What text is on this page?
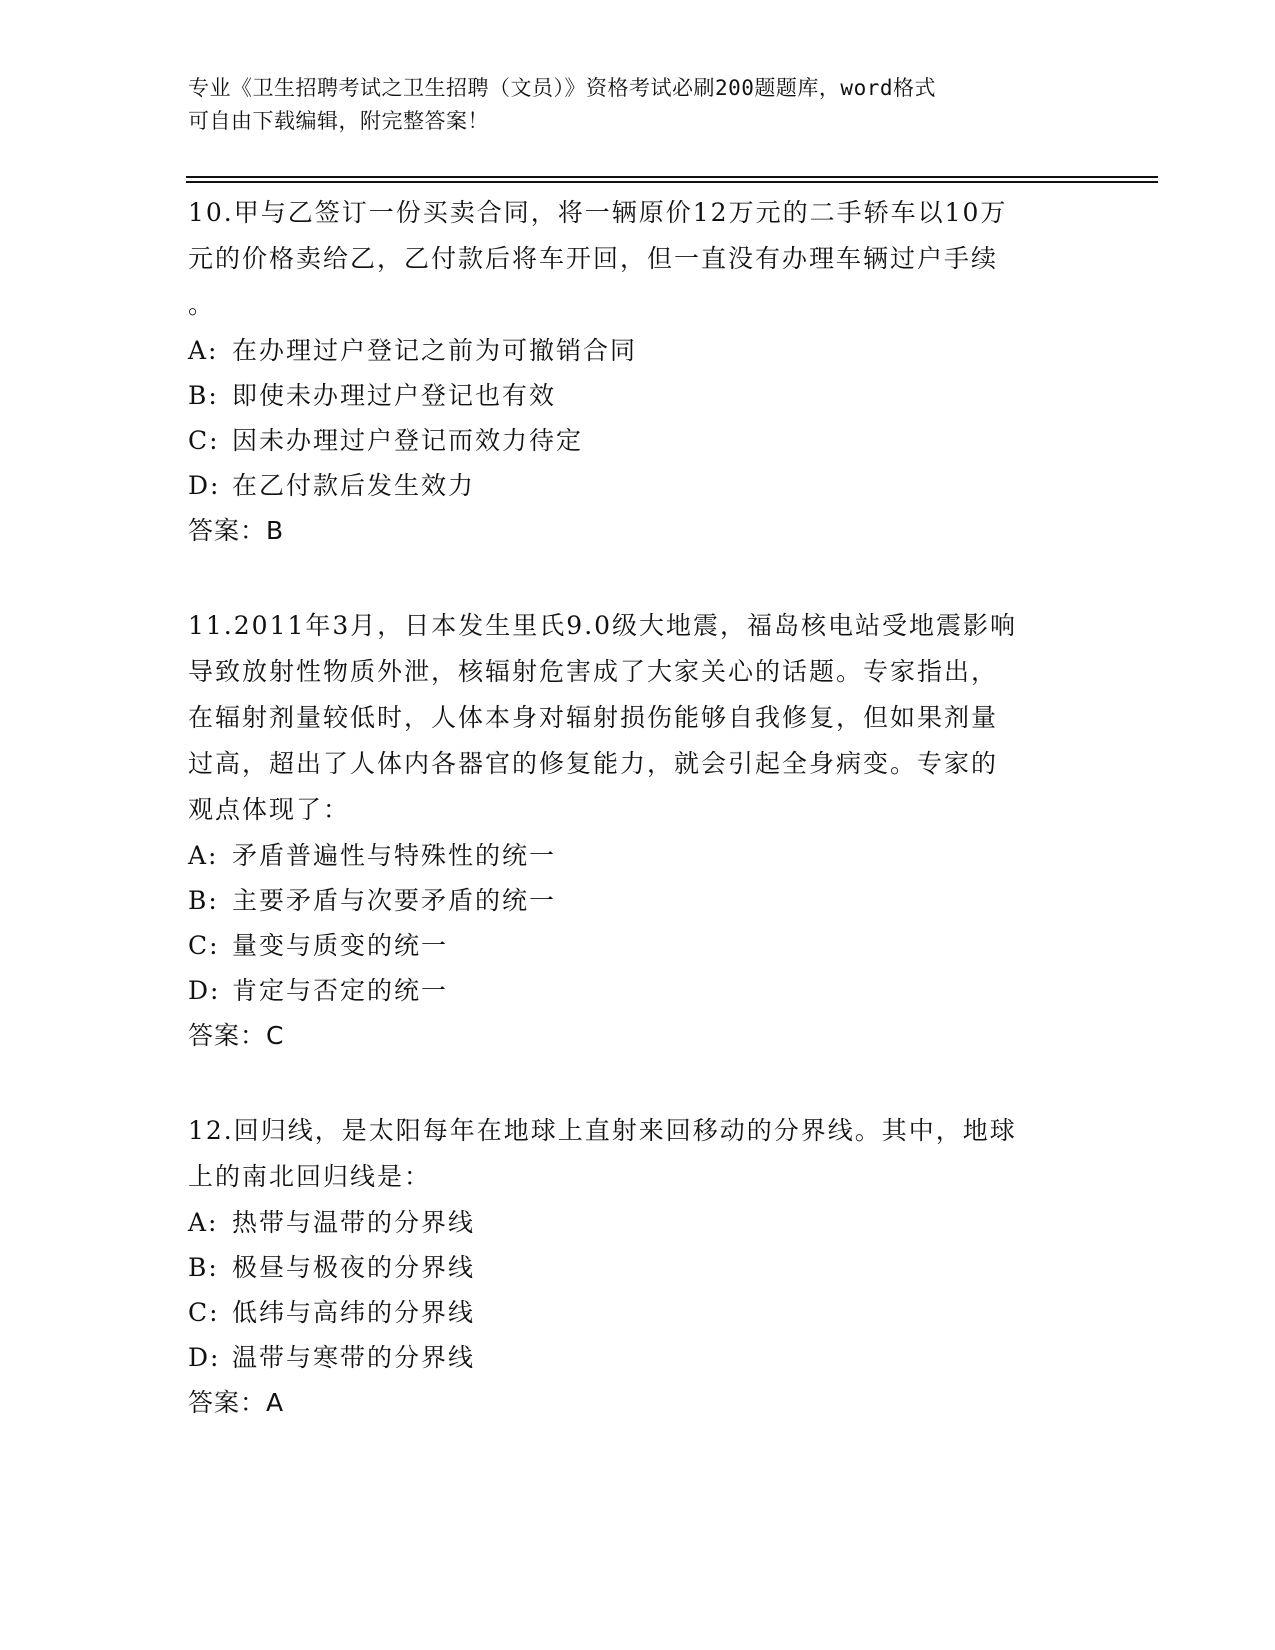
专业《卫生招聘考试之卫生招聘（文员）》资格考试必刷200题题库，word格式
可自由下载编辑，附完整答案！
10.甲与乙签订一份买卖合同，将一辆原价12万元的二手轿车以10万
元的价格卖给乙，乙付款后将车开回，但一直没有办理车辆过户手续
。
A: 在办理过户登记之前为可撤销合同
B: 即使未办理过户登记也有效
C: 因未办理过户登记而效力待定
D: 在乙付款后发生效力
答案：B
11.2011年3月，日本发生里氏9.0级大地震，福岛核电站受地震影响
导致放射性物质外泄，核辐射危害成了大家关心的话题。专家指出，
在辐射剂量较低时，人体本身对辐射损伤能够自我修复，但如果剂量
过高，超出了人体内各器官的修复能力，就会引起全身病变。专家的
观点体现了：
A: 矛盾普遍性与特殊性的统一
B: 主要矛盾与次要矛盾的统一
C: 量变与质变的统一
D: 肯定与否定的统一
答案：C
12.回归线，是太阳每年在地球上直射来回移动的分界线。其中，地球
上的南北回归线是：
A: 热带与温带的分界线
B: 极昼与极夜的分界线
C: 低纬与高纬的分界线
D: 温带与寒带的分界线
答案：A
